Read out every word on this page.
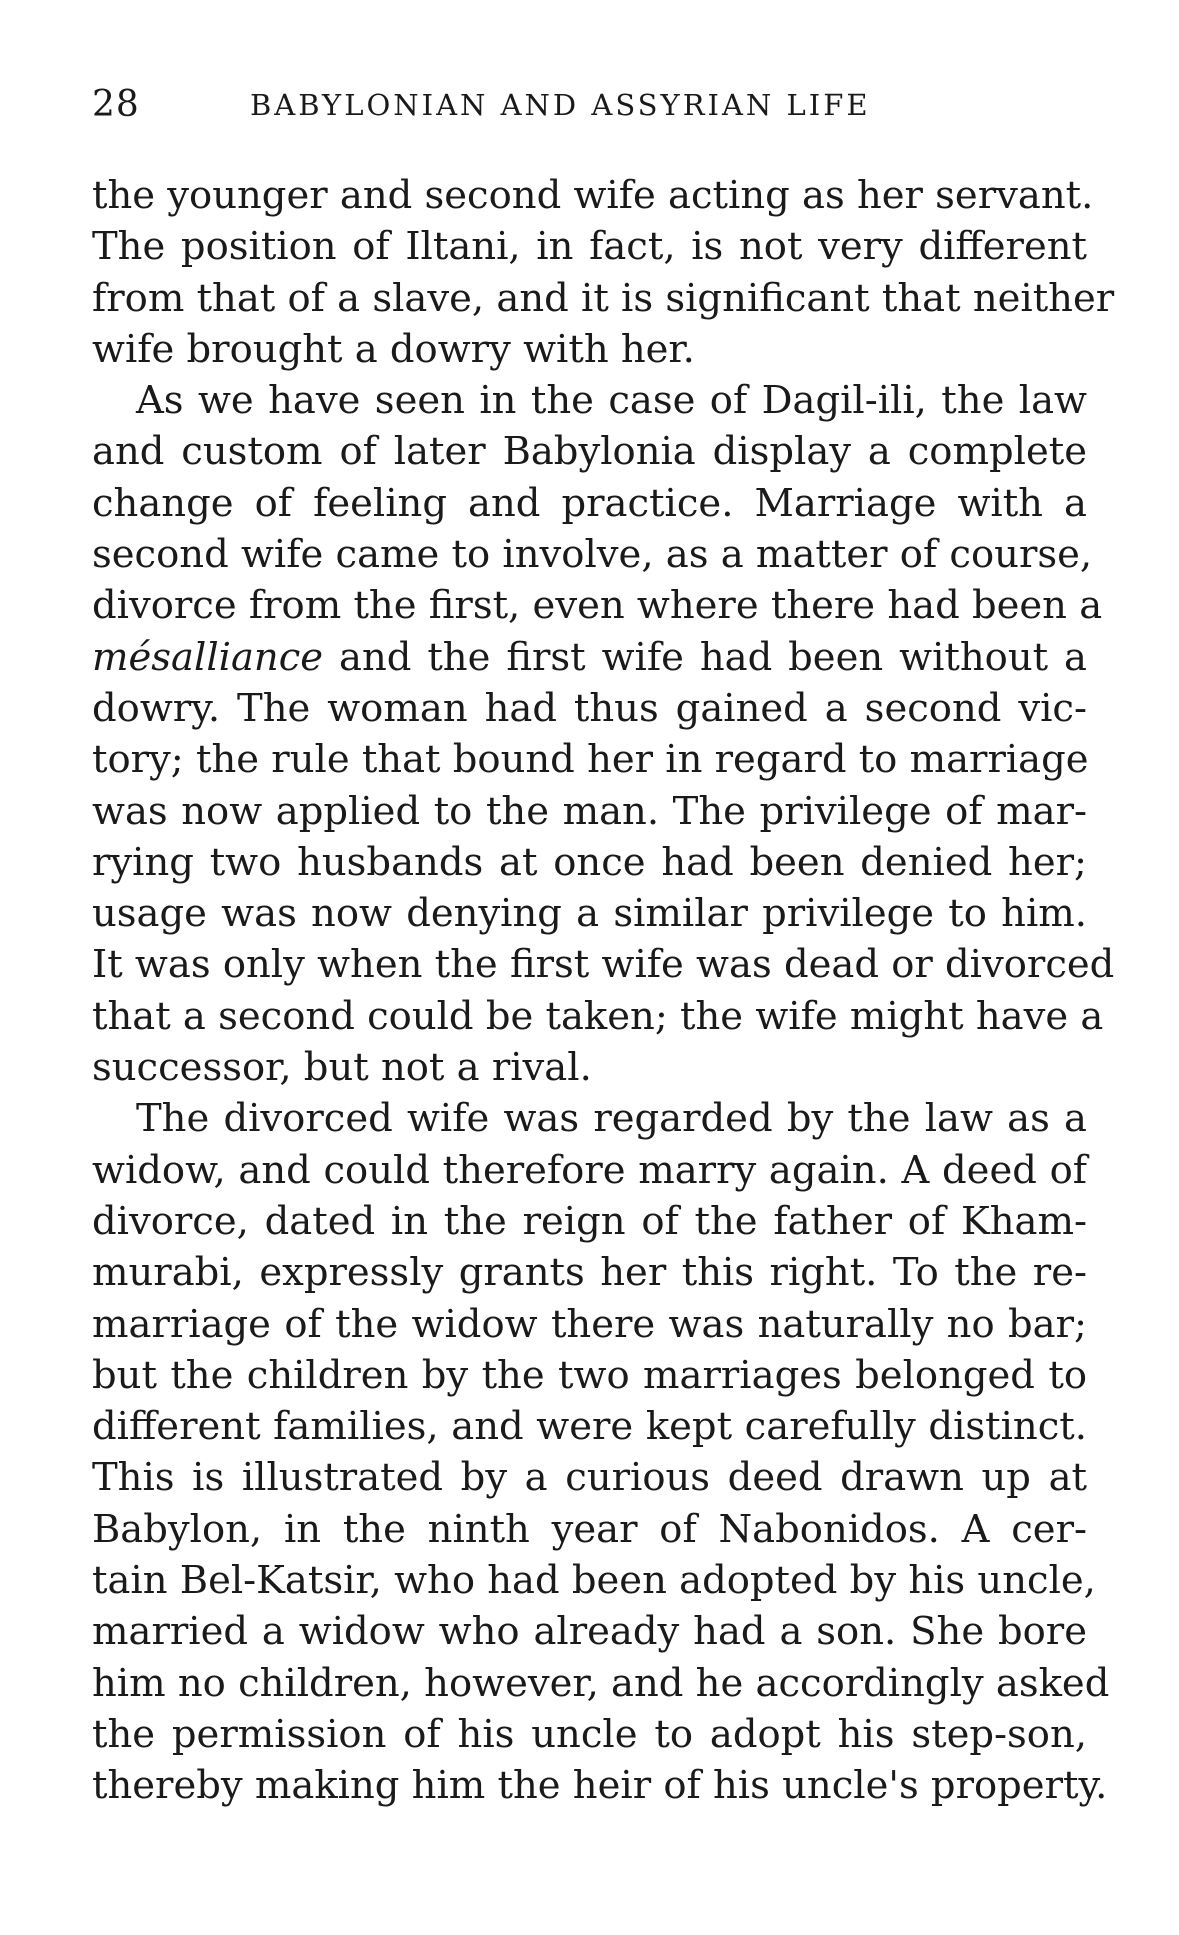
28	BABYLONIAN AND ASSYRIAN LIFE
the younger and second wife acting as her servant.
The position of Iltani, in fact, is not very different
from that of a slave, and it is significant that neither
wife brought a dowry with her.
As we have seen in the case of Dagil-ili, the law
and custom of later Babylonia display a complete
change of feeling and practice. Marriage with a
second wife came to involve, as a matter of course,
divorce from the first, even where there had been a
mésalliance and the first wife had been without a
dowry. The woman had thus gained a second vic-
tory; the rule that bound her in regard to marriage
was now applied to the man. The privilege of mar-
rying two husbands at once had been denied her;
usage was now denying a similar privilege to him.
It was only when the first wife was dead or divorced
that a second could be taken; the wife might have a
successor, but not a rival.
The divorced wife was regarded by the law as a
widow, and could therefore marry again. A deed of
divorce, dated in the reign of the father of Kham-
murabi, expressly grants her this right. To the re-
marriage of the widow there was naturally no bar;
but the children by the two marriages belonged to
different families, and were kept carefully distinct.
This is illustrated by a curious deed drawn up at
Babylon, in the ninth year of Nabonidos. A cer-
tain Bel-Katsir, who had been adopted by his uncle,
married a widow who already had a son. She bore
him no children, however, and he accordingly asked
the permission of his uncle to adopt his step-son,
thereby making him the heir of his uncle's property.
